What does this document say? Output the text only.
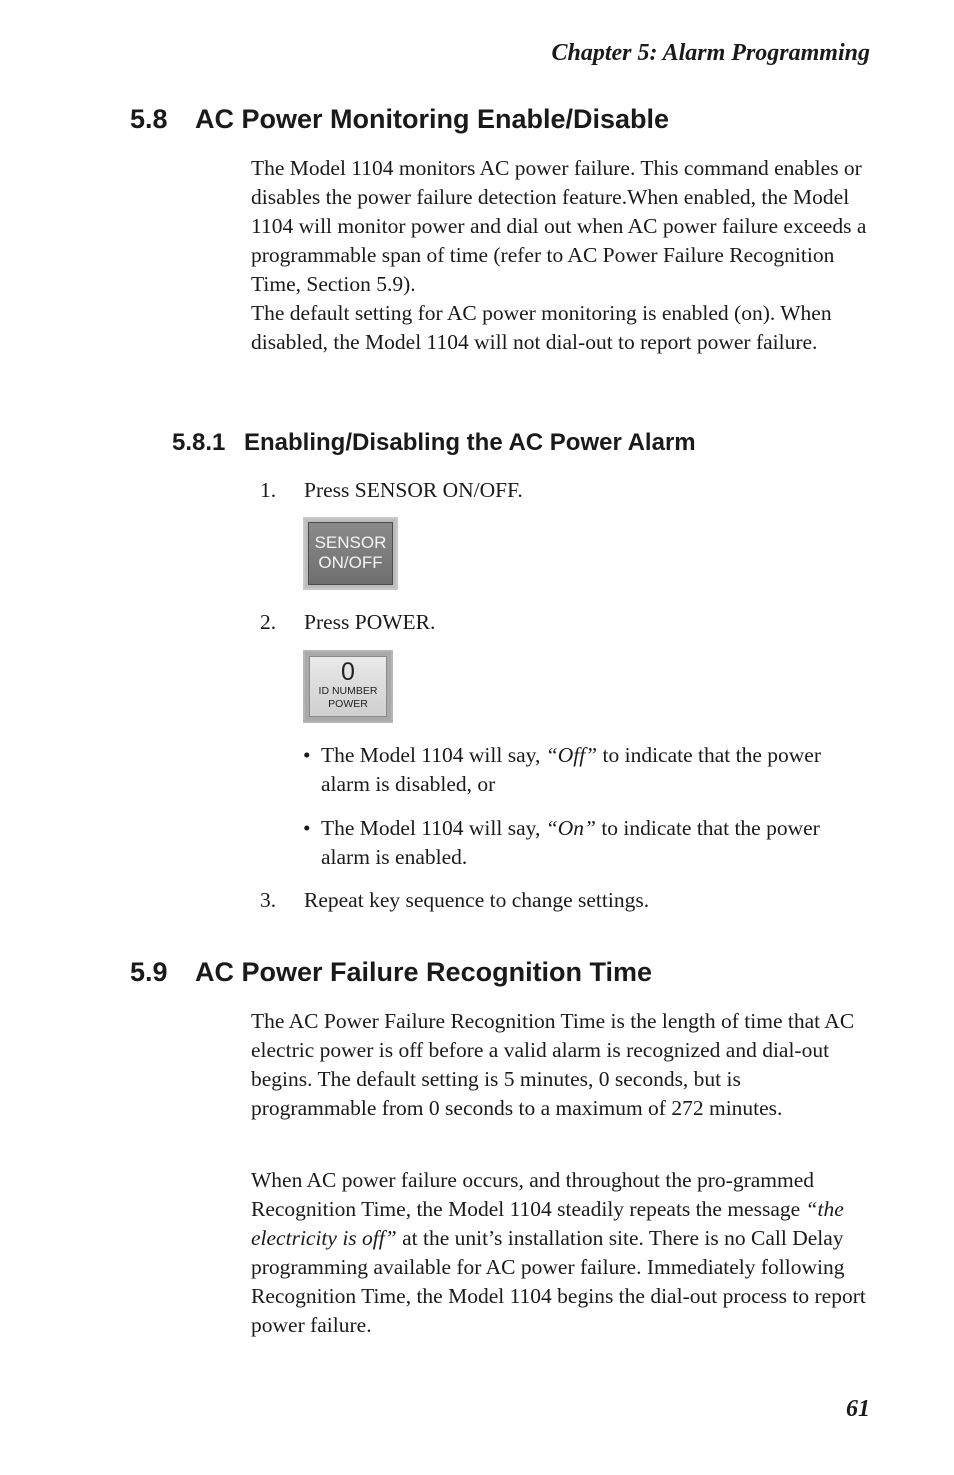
Chapter 5: Alarm Programming
5.8 AC Power Monitoring Enable/Disable

The Model 1104 monitors AC power failure. This command enables or disables the power failure detection feature.When enabled, the Model 1104 will monitor power and dial out when AC power failure exceeds a programmable span of time (refer to AC Power Failure Recognition Time, Section 5.9).

The default setting for AC power monitoring is enabled (on). When disabled, the Model 1104 will not dial-out to report power failure.

5.8.1 Enabling/Disabling the AC Power Alarm
1. Press SENSOR ON/OFF.
SENSOR
ON/OFF
2. Press POWER.
0
ID NUMBER
POWER
• The Model 1104 will say, “Off” to indicate that the power alarm is disabled, or
• The Model 1104 will say, “On” to indicate that the power alarm is enabled.
3. Repeat key sequence to change settings.
5.9 AC Power Failure Recognition Time

The AC Power Failure Recognition Time is the length of time that AC electric power is off before a valid alarm is recognized and dial-out begins. The default setting is 5 minutes, 0 seconds, but is programmable from 0 seconds to a maximum of 272 minutes.

When AC power failure occurs, and throughout the pro-grammed Recognition Time, the Model 1104 steadily repeats the message “the electricity is off” at the unit’s installation site. There is no Call Delay programming available for AC power failure. Immediately following Recognition Time, the Model 1104 begins the dial-out process to report power failure.

61
